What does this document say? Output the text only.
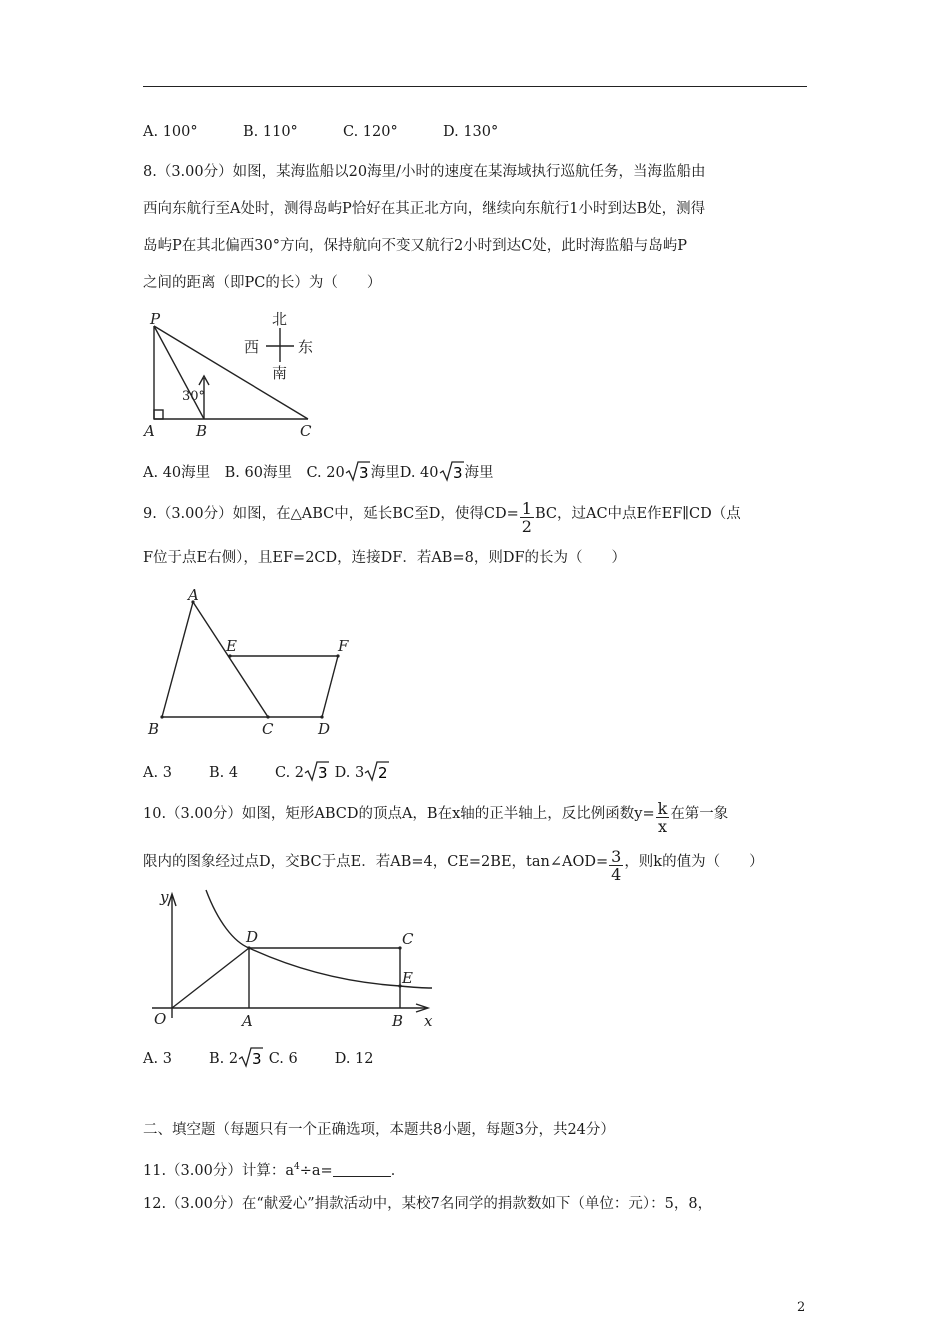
A. 100°	B. 110°	C. 120°	D. 130°
8.（3.00分）如图，某海监船以20海里/小时的速度在某海域执行巡航任务，当海监船由
西向东航行至A处时，测得岛屿P恰好在其正北方向，继续向东航行1小时到达B处，测得
岛屿P在其北偏西30°方向，保持航向不变又航行2小时到达C处，此时海监船与岛屿P
之间的距离（即PC的长）为（　　）
P
A	B	C
30°
北
南
西	东
A. 40海里　 B. 60海里　 C. 20 3 海里D. 40 3 海里
9.（3.00分）如图，在△ABC中，延长BC至D，使得$CD= \frac{1}{2}$ BC，过AC中点E作EF∥CD（点
F位于点E右侧），且EF=2CD，连接DF．若AB=8，则DF的长为（　　）
A
B	C	D
E	F
A. 3	B. 4	C. 2 3 D. 3 2
10.（3.00分）如图，矩形ABCD的顶点A，B在x轴的正半轴上，反比例函数$y= \frac{k}{x}$ 在第一象
限内的图象经过点D，交BC于点E．若AB=4，CE=2BE，tan∠AOD= $\frac{3}{4}$ ，则k的值为（　　）
y
x
O	A	B
C
D
E
A. 3	B. 2 3 C. 6	D. 12
二、填空题（每题只有一个正确选项，本题共8小题，每题3分，共24分）
11.（3.00分）计算：$a^4\div a=$	．
12.（3.00分）在“献爱心”捐款活动中，某校7名同学的捐款数如下（单位：元）：5，8，
2
